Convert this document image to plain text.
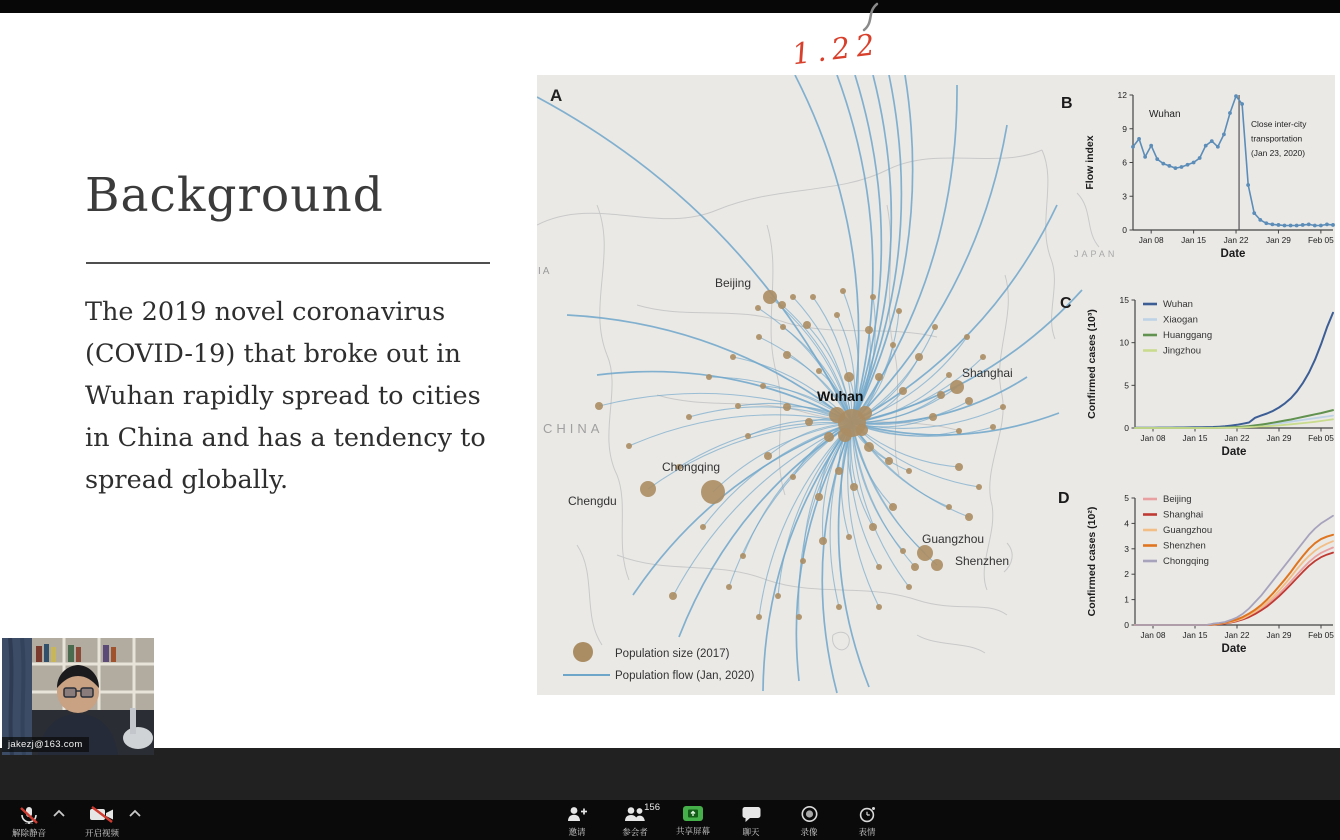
Background
The 2019 novel coronavirus
(COVID-19) that broke out in
Wuhan rapidly spread to cities
in China and has a tendency to
spread globally.
1.22
A
IA
Beijing
Shanghai
Wuhan
Chongqing
Chengdu
Guangzhou
Shenzhen
CHINA
JAPAN
Population size (2017)
Population flow (Jan, 2020)
B
0
3
6
9
12
Jan 08 Jan 15 Jan 22 Jan 29 Feb 05
Date
Flow index
Close inter-city
transportation
(Jan 23, 2020)
Wuhan
C
0
5
10
15
Jan 08 Jan 15 Jan 22 Jan 29 Feb 05
Date
Confirmed cases (10³)
Wuhan
Xiaogan
Huanggang
Jingzhou
D
0
1
2
3
4
5
Jan 08 Jan 15 Jan 22 Jan 29 Feb 05
Date
Confirmed cases (10²)
Beijing
Shanghai
Guangzhou
Shenzhen
Chongqing
jakezj@163.com
解除静音	开启视频	邀请
156
参会者	共享屏幕	聊天	录像	表情
